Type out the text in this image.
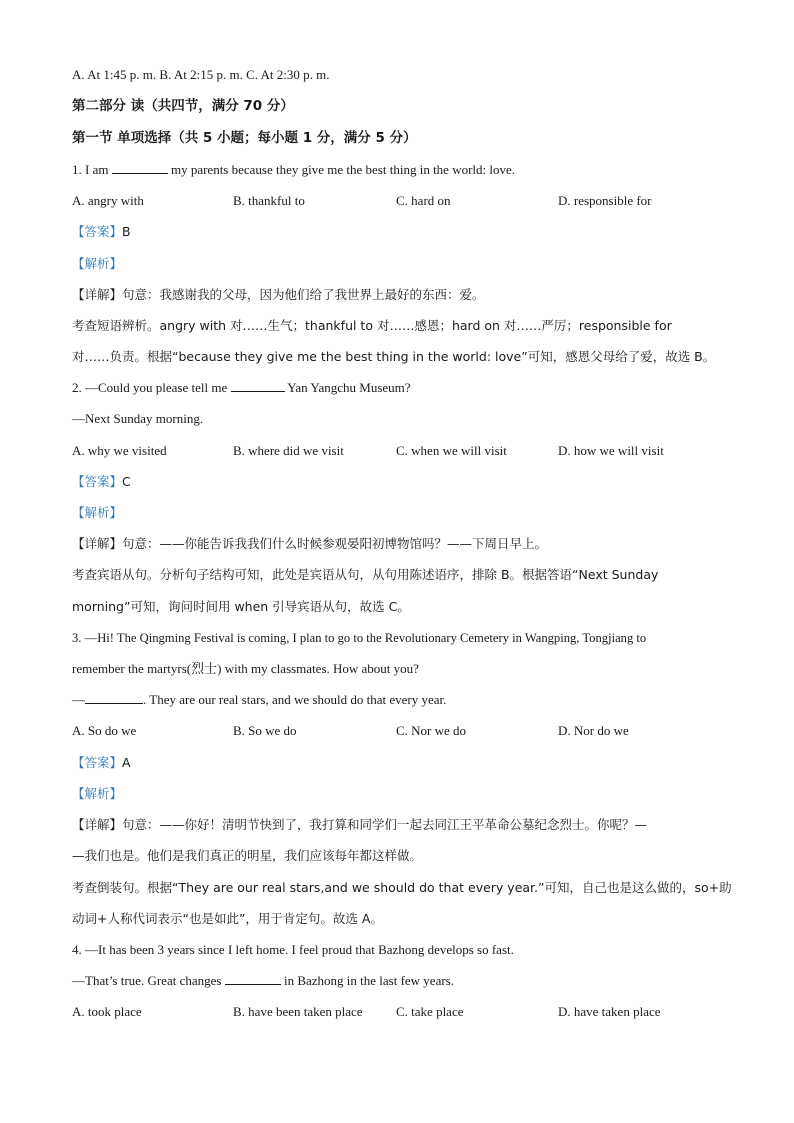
A. At 1:45 p. m. B. At 2:15 p. m. C. At 2:30 p. m.
第二部分 读（共四节，满分 70 分）
第一节 单项选择（共 5 小题；每小题 1 分，满分 5 分）
1. I am	my parents because they give me the best thing in the world: love.
A. angry with	B. thankful to	C. hard on	D. responsible for
【答案】B
【解析】
【详解】句意：我感谢我的父母，因为他们给了我世界上最好的东西：爱。
考查短语辨析。angry with 对……生气；thankful to 对……感恩；hard on 对……严厉；responsible for
对……负责。根据“because they give me the best thing in the world: love”可知，感恩父母给了爱，故选 B。
2. —Could you please tell me	Yan Yangchu Museum?
—Next Sunday morning.
A. why we visited	B. where did we visit	C. when we will visit	D. how we will visit
【答案】C
【解析】
【详解】句意：——你能告诉我我们什么时候参观晏阳初博物馆吗？——下周日早上。
考查宾语从句。分析句子结构可知，此处是宾语从句，从句用陈述语序，排除 B。根据答语“Next Sunday
morning”可知，询问时间用 when 引导宾语从句，故选 C。
3. —Hi! The Qingming Festival is coming, I plan to go to the Revolutionary Cemetery in Wangping, Tongjiang to
remember the martyrs(烈士) with my classmates. How about you?
—	. They are our real stars, and we should do that every year.
A. So do we	B. So we do	C. Nor we do	D. Nor do we
【答案】A
【解析】
【详解】句意：——你好！清明节快到了，我打算和同学们一起去同江王平革命公墓纪念烈士。你呢？—
—我们也是。他们是我们真正的明星，我们应该每年都这样做。
考查倒装句。根据“They are our real stars,and we should do that every year.”可知，自己也是这么做的，so+助
动词+人称代词表示“也是如此”，用于肯定句。故选 A。
4. —It has been 3 years since I left home. I feel proud that Bazhong develops so fast.
—That’s true. Great changes	in Bazhong in the last few years.
A. took place	B. have been taken place	C. take place	D. have taken place
